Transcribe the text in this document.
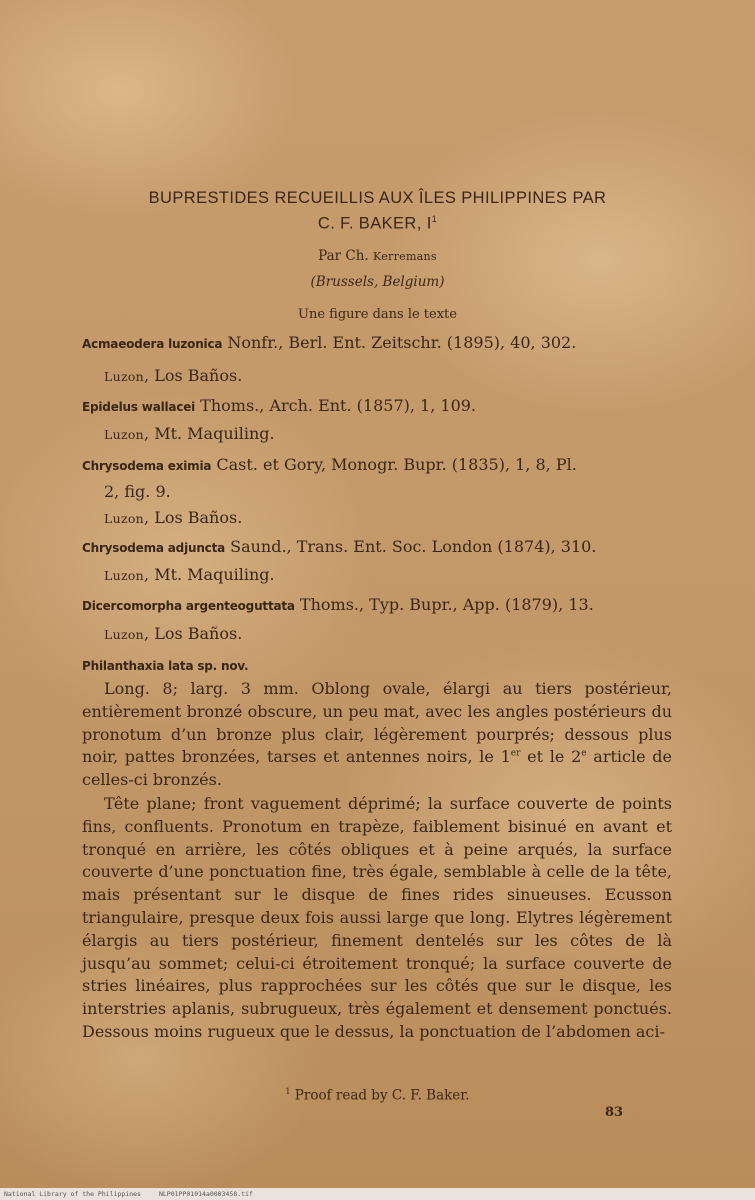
BUPRESTIDES RECUEILLIS AUX ÎLES PHILIPPINES PAR
C. F. BAKER, $I^1$
Par Ch. Kerremans
(Brussels, Belgium)
Une figure dans le texte
Acmaeodera luzonica Nonfr., Berl. Ent. Zeitschr. (1895), 40, 302.
Luzon, Los Baños.
Epidelus wallacei Thoms., Arch. Ent. (1857), 1, 109.
Luzon, Mt. Maquiling.
Chrysodema eximia Cast. et Gory, Monogr. Bupr. (1835), 1, 8, Pl.
2, fig. 9.
Luzon, Los Baños.
Chrysodema adjuncta Saund., Trans. Ent. Soc. London (1874), 310.
Luzon, Mt. Maquiling.
Dicercomorpha argenteoguttata Thoms., Typ. Bupr., App. (1879), 13.
Luzon, Los Baños.
Philanthaxia lata sp. nov.

Long. 8; larg. 3 mm. Oblong ovale, élargi au tiers postérieur, entièrement bronzé obscure, un peu mat, avec les angles postérieurs du pronotum d’un bronze plus clair, légèrement pourprés; dessous plus noir, pattes bronzées, tarses et antennes noirs, le 1er et le 2e article de celles-ci bronzés.

Tête plane; front vaguement déprimé; la surface couverte de points fins, confluents. Pronotum en trapèze, faiblement bisinué en avant et tronqué en arrière, les côtés obliques et à peine arqués, la surface couverte d’une ponctuation fine, très égale, semblable à celle de la tête, mais présentant sur le disque de fines rides sinueuses. Ecusson triangulaire, presque deux fois aussi large que long. Elytres légèrement élargis au tiers postérieur, finement dentelés sur les côtes de là jusqu’au sommet; celui-ci étroitement tronqué; la surface couverte de stries linéaires, plus rapprochées sur les côtés que sur le disque, les interstries aplanis, subrugueux, très également et densement ponctués. Dessous moins rugueux que le dessus, la ponctuation de l’abdomen aci-

$^1$ Proof read by C. F. Baker.
83
National Library of the Philippines	NLP01PP01014a0003458.tif
